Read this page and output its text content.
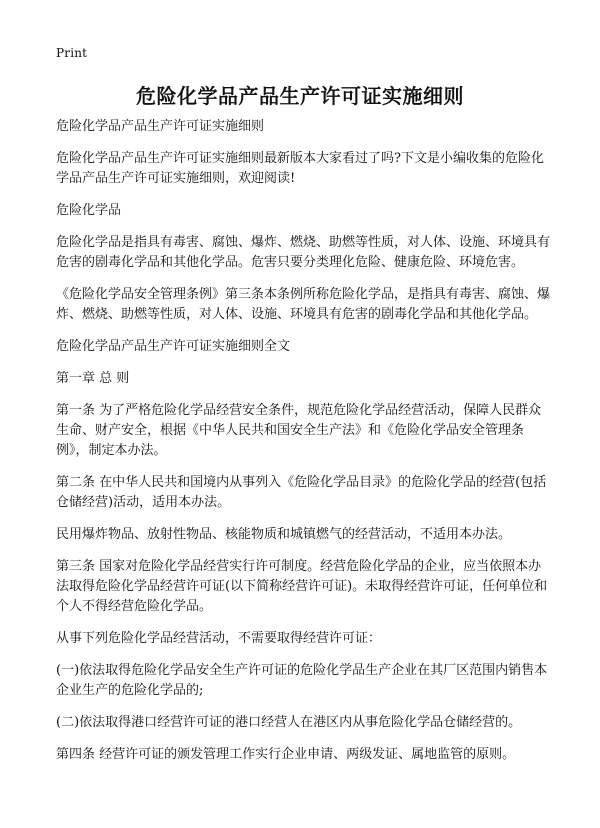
Print
危险化学品产品生产许可证实施细则

危险化学品产品生产许可证实施细则

危险化学品产品生产许可证实施细则最新版本大家看过了吗?下文是小编收集的危险化学品产品生产许可证实施细则，欢迎阅读!

危险化学品

危险化学品是指具有毒害、腐蚀、爆炸、燃烧、助燃等性质，对人体、设施、环境具有危害的剧毒化学品和其他化学品。危害只要分类理化危险、健康危险、环境危害。

《危险化学品安全管理条例》第三条本条例所称危险化学品，是指具有毒害、腐蚀、爆炸、燃烧、助燃等性质，对人体、设施、环境具有危害的剧毒化学品和其他化学品。

危险化学品产品生产许可证实施细则全文

第一章 总 则

第一条 为了严格危险化学品经营安全条件，规范危险化学品经营活动，保障人民群众生命、财产安全，根据《中华人民共和国安全生产法》和《危险化学品安全管理条例》，制定本办法。

第二条 在中华人民共和国境内从事列入《危险化学品目录》的危险化学品的经营(包括仓储经营)活动，适用本办法。

民用爆炸物品、放射性物品、核能物质和城镇燃气的经营活动，不适用本办法。

第三条 国家对危险化学品经营实行许可制度。经营危险化学品的企业，应当依照本办法取得危险化学品经营许可证(以下简称经营许可证)。未取得经营许可证，任何单位和个人不得经营危险化学品。

从事下列危险化学品经营活动，不需要取得经营许可证：

(一)依法取得危险化学品安全生产许可证的危险化学品生产企业在其厂区范围内销售本企业生产的危险化学品的;

(二)依法取得港口经营许可证的港口经营人在港区内从事危险化学品仓储经营的。

第四条 经营许可证的颁发管理工作实行企业申请、两级发证、属地监管的原则。
